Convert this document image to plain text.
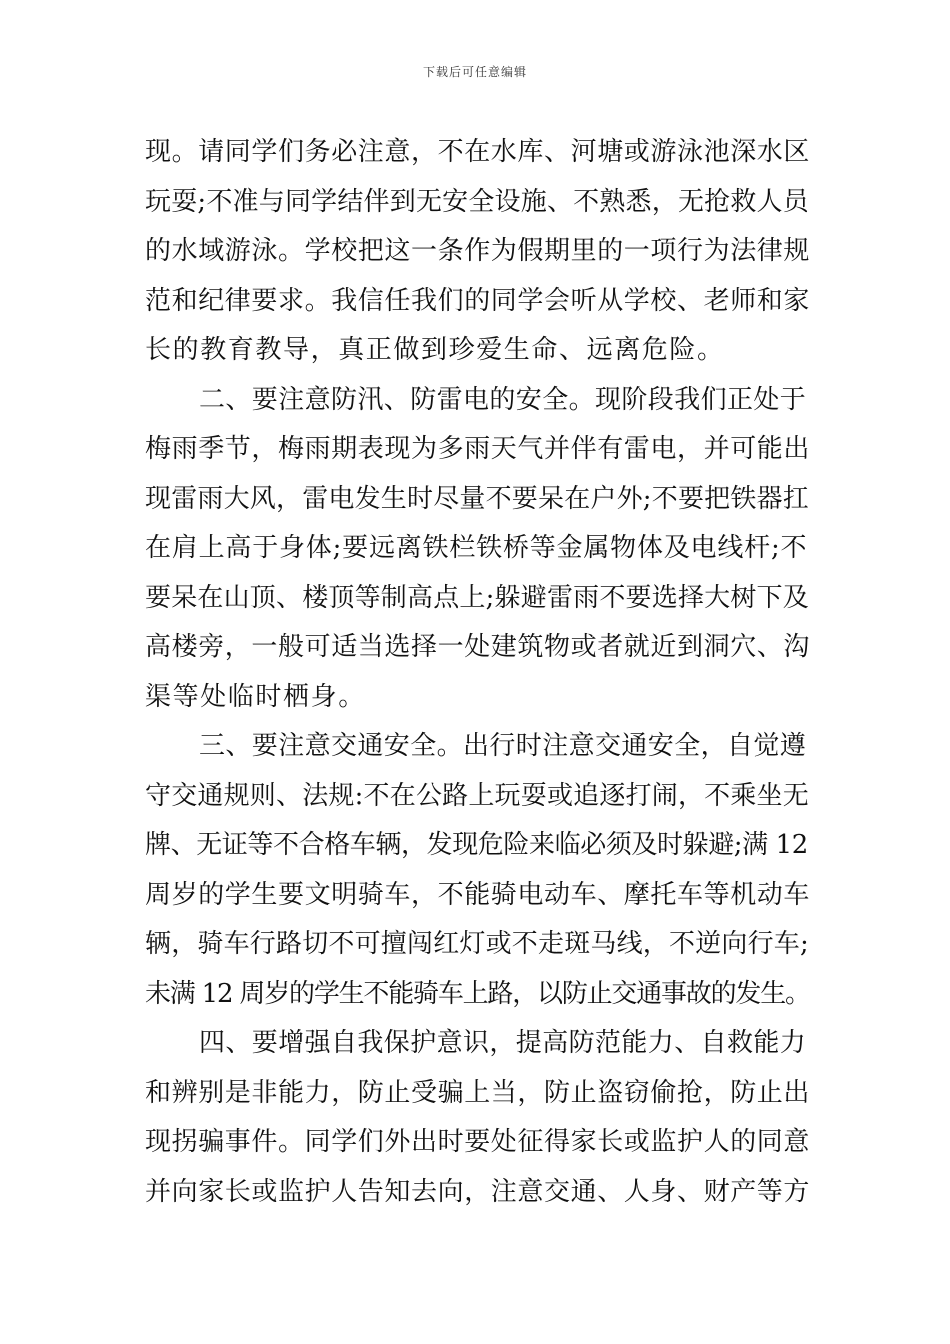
下载后可任意编辑
现。请同学们务必注意，不在水库、河塘或游泳池深水区
玩耍;不准与同学结伴到无安全设施、不熟悉，无抢救人员
的水域游泳。学校把这一条作为假期里的一项行为法律规
范和纪律要求。我信任我们的同学会听从学校、老师和家
长的教育教导，真正做到珍爱生命、远离危险。
二、要注意防汛、防雷电的安全。现阶段我们正处于
梅雨季节，梅雨期表现为多雨天气并伴有雷电，并可能出
现雷雨大风，雷电发生时尽量不要呆在户外;不要把铁器扛
在肩上高于身体;要远离铁栏铁桥等金属物体及电线杆;不
要呆在山顶、楼顶等制高点上;躲避雷雨不要选择大树下及
高楼旁，一般可适当选择一处建筑物或者就近到洞穴、沟
渠等处临时栖身。
三、要注意交通安全。出行时注意交通安全，自觉遵
守交通规则、法规:不在公路上玩耍或追逐打闹，不乘坐无
牌、无证等不合格车辆，发现危险来临必须及时躲避;满 12
周岁的学生要文明骑车，不能骑电动车、摩托车等机动车
辆，骑车行路切不可擅闯红灯或不走斑马线，不逆向行车;
未满 12 周岁的学生不能骑车上路，以防止交通事故的发生。
四、要增强自我保护意识，提高防范能力、自救能力
和辨别是非能力，防止受骗上当，防止盗窃偷抢，防止出
现拐骗事件。同学们外出时要处征得家长或监护人的同意
并向家长或监护人告知去向，注意交通、人身、财产等方
